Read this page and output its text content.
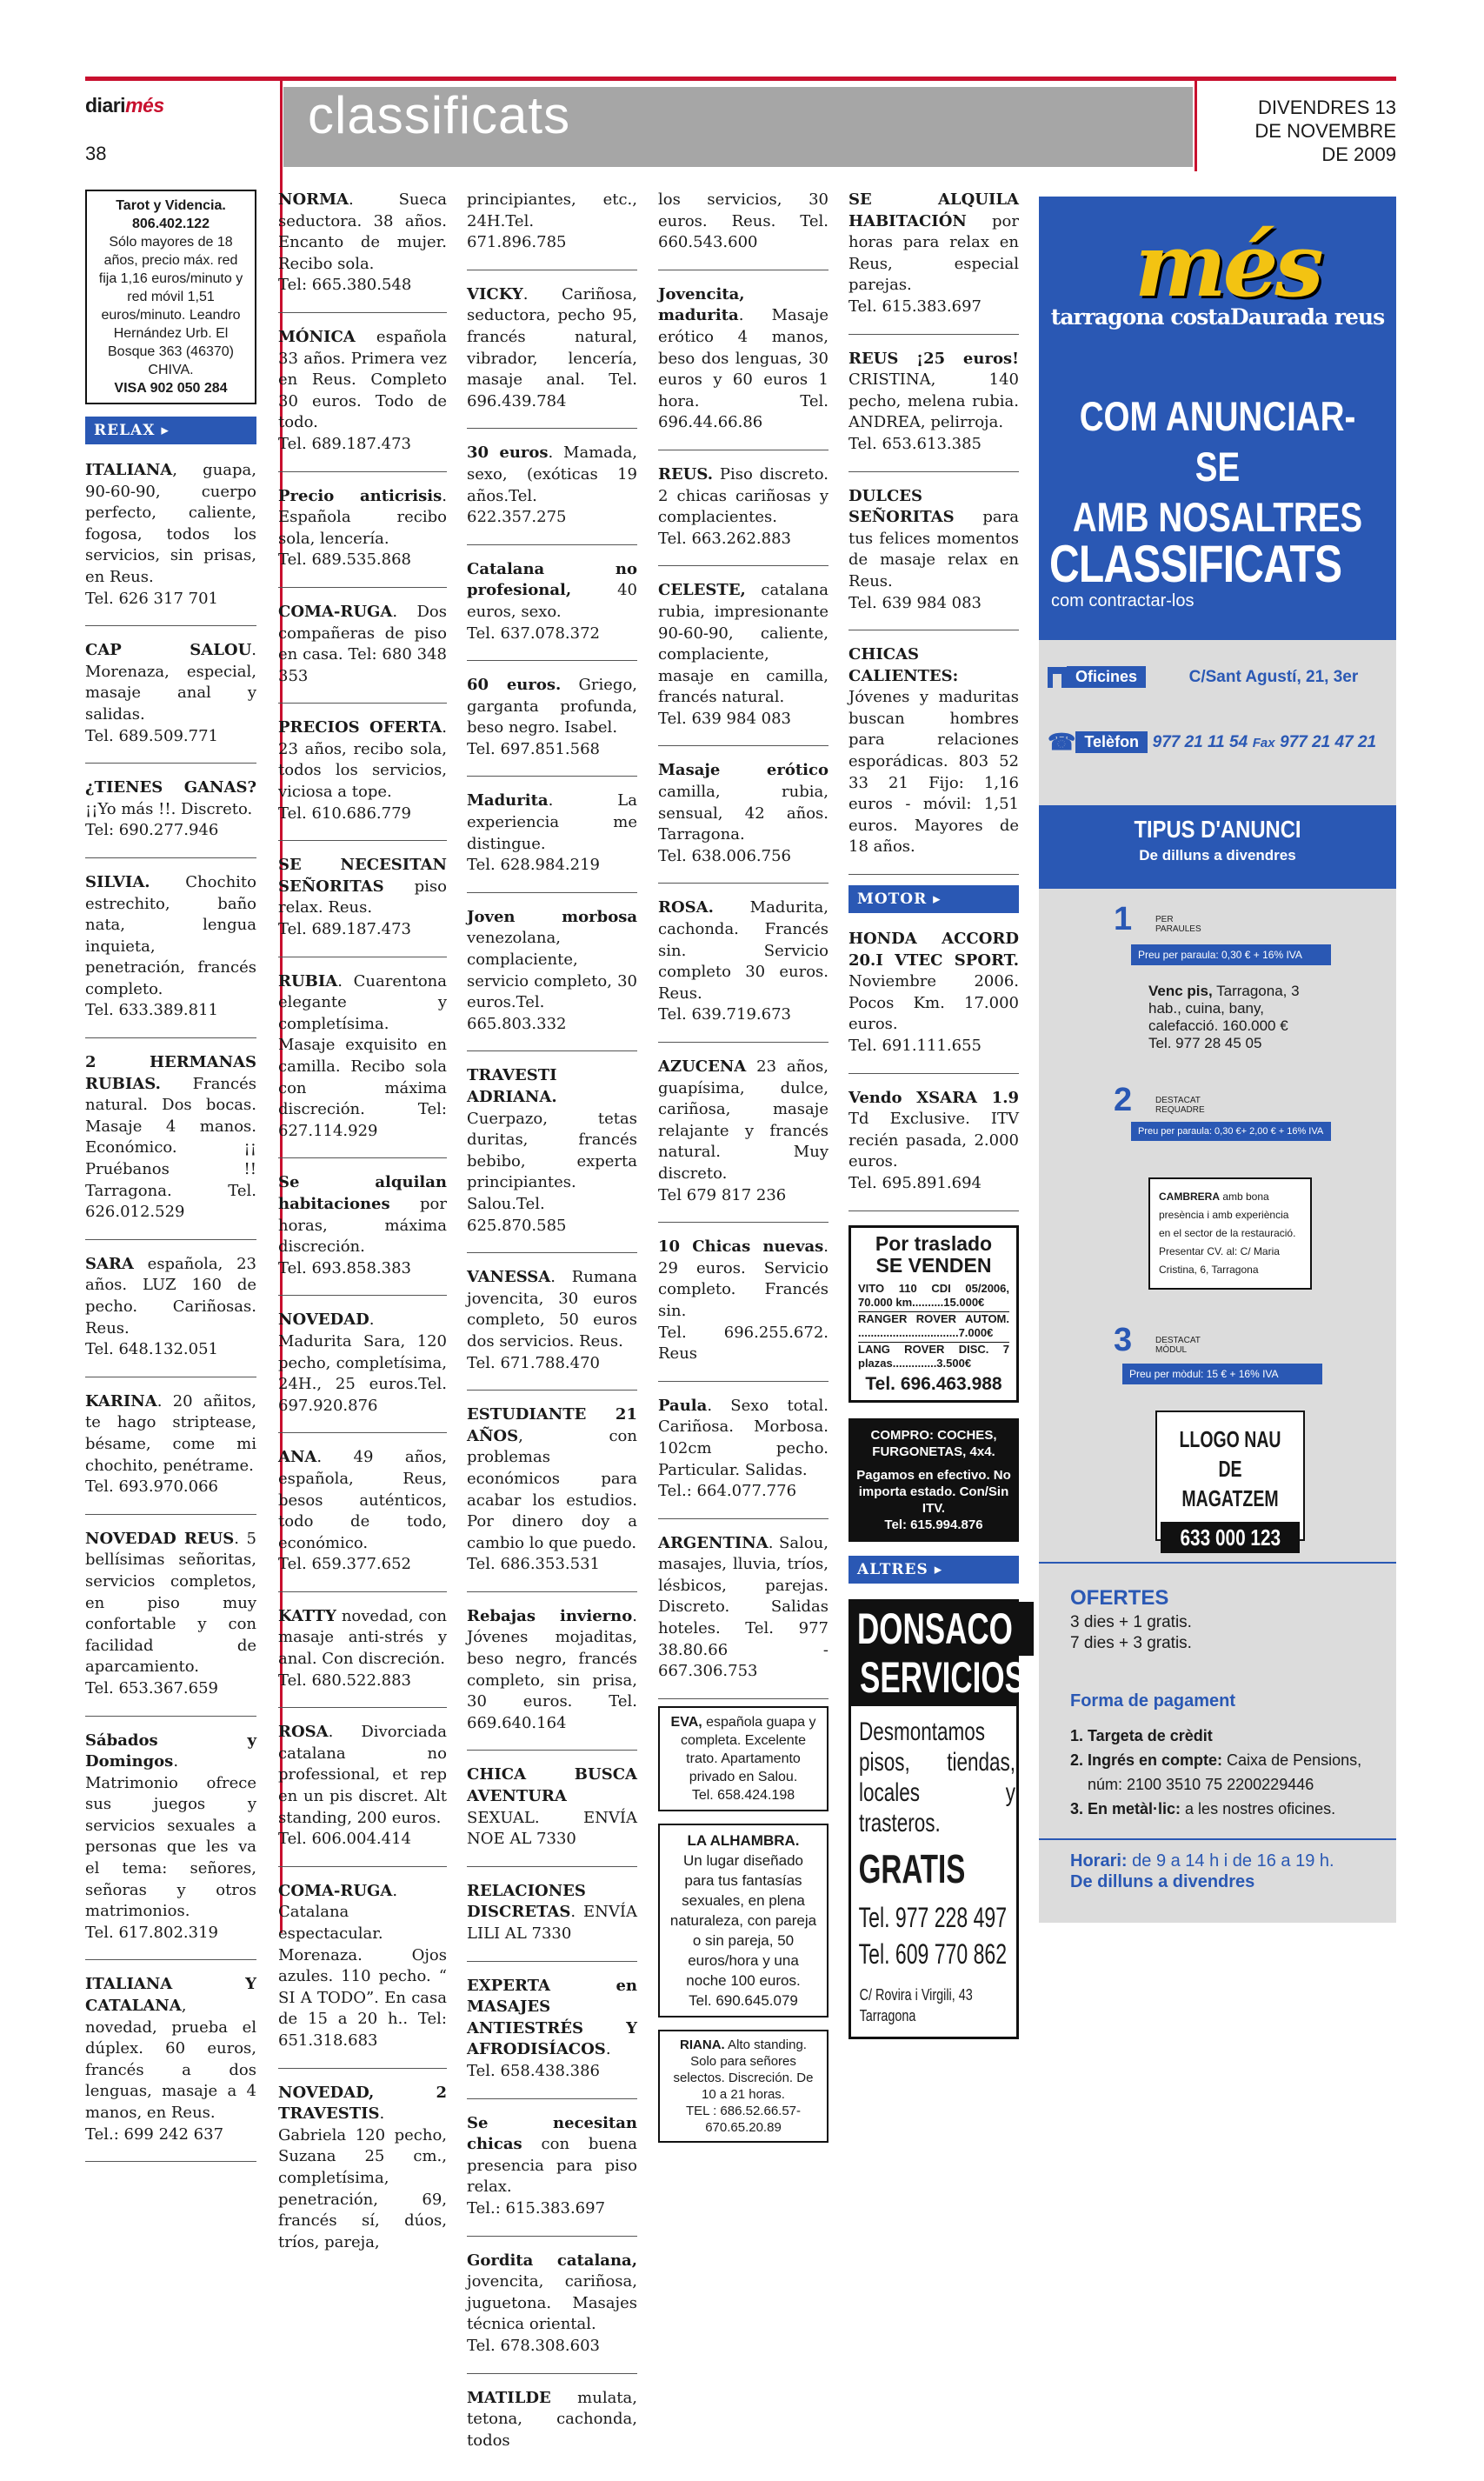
diarimés
38
classificats	DIVENDRES 13
DE NOVEMBRE
DE 2009
Tarot y Videncia.
806.402.122
Sólo mayores de 18 años, precio máx. red fija 1,16 euros/minuto y red móvil 1,51 euros/minuto. Leandro Hernández Urb. El Bosque 363 (46370) CHIVA.
VISA 902 050 284
RELAX ▸

ITALIANA, guapa, 90-60-90, cuerpo perfecto, caliente, fogosa, todos los servicios, sin prisas, en Reus.
Tel. 626 317 701

CAP SALOU. Morenaza, especial, masaje anal y salidas.
Tel. 689.509.771

¿TIENES GANAS? ¡¡Yo más !!. Discreto.
Tel: 690.277.946

SILVIA. Chochito estrechito, baño nata, lengua inquieta, penetración, francés completo.
Tel. 633.389.811

2 HERMANAS RUBIAS. Francés natural. Dos bocas. Masaje 4 manos. Económico. ¡¡ Pruébanos !! Tarragona. Tel. 626.012.529

SARA española, 23 años. LUZ 160 de pecho. Cariñosas. Reus.
Tel. 648.132.051

KARINA. 20 añitos, te hago striptease, bésame, come mi chochito, penétrame.
Tel. 693.970.066

NOVEDAD REUS. 5 bellísimas señoritas, servicios completos, en piso muy confortable y con facilidad de aparcamiento.
Tel. 653.367.659

Sábados y Domingos. Matrimonio ofrece sus juegos y servicios sexuales a personas que les va el tema: señores, señoras y otros matrimonios.
Tel. 617.802.319

ITALIANA Y CATALANA, novedad, prueba el dúplex. 60 euros, francés a dos lenguas, masaje a 4 manos, en Reus.
Tel.: 699 242 637

NORMA. Sueca seductora. 38 años. Encanto de mujer. Recibo sola.
Tel: 665.380.548

MÓNICA española 33 años. Primera vez en Reus. Completo 30 euros. Todo de todo.
Tel. 689.187.473

Precio anticrisis. Española recibo sola, lencería.
Tel. 689.535.868

COMA-RUGA. Dos compañeras de piso en casa. Tel: 680 348 353

PRECIOS OFERTA. 23 años, recibo sola, todos los servicios, viciosa a tope.
Tel. 610.686.779

SE NECESITAN SEÑORITAS piso relax. Reus.
Tel. 689.187.473

RUBIA. Cuarentona elegante y completísima. Masaje exquisito en camilla. Recibo sola con máxima discreción. Tel: 627.114.929

Se alquilan habitaciones por horas, máxima discreción.
Tel. 693.858.383

NOVEDAD. Madurita Sara, 120 pecho, completísima, 24H., 25 euros.Tel. 697.920.876

ANA. 49 años, española, Reus, besos auténticos, todo de todo, económico.
Tel. 659.377.652

KATTY novedad, con masaje anti-strés y anal. Con discreción.
Tel. 680.522.883

ROSA. Divorciada catalana no professional, et rep en un pis discret. Alt standing, 200 euros.
Tel. 606.004.414

COMA-RUGA. Catalana espectacular. Morenaza. Ojos azules. 110 pecho. “ SI A TODO”. En casa de 15 a 20 h.. Tel: 651.318.683

NOVEDAD, 2 TRAVESTIS. Gabriela 120 pecho, Suzana 25 cm., completísima, penetración, 69, francés sí, dúos, tríos, pareja,

principiantes, etc., 24H.Tel. 671.896.785

VICKY. Cariñosa, seductora, pecho 95, francés natural, vibrador, lencería, masaje anal. Tel. 696.439.784

30 euros. Mamada, sexo, (exóticas 19 años.Tel. 622.357.275

Catalana no profesional, 40 euros, sexo.
Tel. 637.078.372

60 euros. Griego, garganta profunda, beso negro. Isabel.
Tel. 697.851.568

Madurita. La experiencia me distingue.
Tel. 628.984.219

Joven morbosa venezolana, complaciente, servicio completo, 30 euros.Tel. 665.803.332

TRAVESTI ADRIANA. Cuerpazo, tetas duritas, francés bebibo, experta principiantes. Salou.Tel. 625.870.585

VANESSA. Rumana jovencita, 30 euros completo, 50 euros dos servicios. Reus.
Tel. 671.788.470

ESTUDIANTE 21 AÑOS, con problemas económicos para acabar los estudios. Por dinero doy a cambio lo que puedo.
Tel. 686.353.531

Rebajas invierno. Jóvenes mojaditas, beso negro, francés completo, sin prisa, 30 euros. Tel. 669.640.164

CHICA BUSCA AVENTURA SEXUAL. ENVÍA NOE AL 7330

RELACIONES DISCRETAS. ENVÍA LILI AL 7330

EXPERTA en MASAJES ANTIESTRÉS Y AFRODISÍACOS.
Tel. 658.438.386

Se necesitan chicas con buena presencia para piso relax.
Tel.: 615.383.697

Gordita catalana, jovencita, cariñosa, juguetona. Masajes técnica oriental.
Tel. 678.308.603

MATILDE mulata, tetona, cachonda, todos

los servicios, 30 euros. Reus. Tel. 660.543.600

Jovencita, madurita. Masaje erótico 4 manos, beso dos lenguas, 30 euros y 60 euros 1 hora. Tel. 696.44.66.86

REUS. Piso discreto. 2 chicas cariñosas y complacientes.
Tel. 663.262.883

CELESTE, catalana rubia, impresionante 90-60-90, caliente, complaciente, masaje en camilla, francés natural.
Tel. 639 984 083

Masaje erótico camilla, rubia, sensual, 42 años. Tarragona.
Tel. 638.006.756

ROSA. Madurita, cachonda. Francés sin. Servicio completo 30 euros. Reus.
Tel. 639.719.673

AZUCENA 23 años, guapísima, dulce, cariñosa, masaje relajante y francés natural. Muy discreto.
Tel 679 817 236

10 Chicas nuevas. 29 euros. Servicio completo. Francés sin.
Tel. 696.255.672. Reus

Paula. Sexo total. Cariñosa. Morbosa. 102cm pecho. Particular. Salidas.
Tel.: 664.077.776

ARGENTINA. Salou, masajes, lluvia, tríos, lésbicos, parejas. Discreto. Salidas hoteles. Tel. 977 38.80.66 - 667.306.753

EVA, española guapa y completa. Excelente trato. Apartamento privado en Salou.
Tel. 658.424.198
LA ALHAMBRA.
Un lugar diseñado para tus fantasías sexuales, en plena naturaleza, con pareja o sin pareja, 50 euros/hora y una noche 100 euros.
Tel. 690.645.079
RIANA. Alto standing. Solo para señores selectos. Discreción. De 10 a 21 horas.
TEL : 686.52.66.57- 670.65.20.89

SE ALQUILA HABITACIÓN por horas para relax en Reus, especial parejas.
Tel. 615.383.697

REUS ¡25 euros! CRISTINA, 140 pecho, melena rubia. ANDREA, pelirroja.
Tel. 653.613.385

DULCES SEÑORITAS para tus felices momentos de masaje relax en Reus.
Tel. 639 984 083

CHICAS CALIENTES: Jóvenes y maduritas buscan hombres para relaciones esporádicas. 803 52 33 21 Fijo: 1,16 euros - móvil: 1,51 euros. Mayores de 18 años.

MOTOR ▸

HONDA ACCORD 20.I VTEC SPORT. Noviembre 2006. Pocos Km. 17.000 euros.
Tel. 691.111.655

Vendo XSARA 1.9 Td Exclusive. ITV recién pasada, 2.000 euros.
Tel. 695.891.694

Por traslado
SE VENDEN
VITO 110 CDI 05/2006, 70.000 km..........15.000€
RANGER ROVER AUTOM. ................................7.000€
LANG ROVER DISC. 7 plazas..............3.500€
Tel. 696.463.988
COMPRO: COCHES, FURGONETAS, 4x4.
Pagamos en efectivo. No importa estado. Con/Sin ITV.
Tel: 615.994.876
ALTRES ▸
DONSACO
SERVICIOS
Desmontamos pisos, tiendas, locales y trasteros.
GRATIS
Tel. 977 228 497
Tel. 609 770 862
C/ Rovira i Virgili, 43
Tarragona
més
tarragona costaDaurada reus
COM ANUNCIAR-SE
AMB NOSALTRES
CLASSIFICATS
com contractar-los
Oficines	C/Sant Agustí, 21, 3er
☎ Telèfon 977 21 11 54 Fax 977 21 47 21
TIPUS D'ANUNCI
De dilluns a divendres
1	PER PARAULES
Preu per paraula: 0,30 € + 16% IVA
Venc pis, Tarragona, 3 hab., cuina, bany, calefacció. 160.000 € Tel. 977 28 45 05
2	DESTACAT REQUADRE
Preu per paraula: 0,30 €+ 2,00 € + 16% IVA
CAMBRERA amb bona presència i amb experiència en el sector de la restauració. Presentar CV. al: C/ Maria Cristina, 6, Tarragona
3	DESTACAT MÒDUL
Preu per mòdul: 15 € + 16% IVA
LLOGO NAU
DE MAGATZEM
633 000 123
OFERTES
3 dies + 1 gratis.
7 dies + 3 gratis.
Forma de pagament
1. Targeta de crèdit
2. Ingrés en compte: Caixa de Pensions,
núm: 2100 3510 75 2200229446
3. En metàl·lic: a les nostres oficines.
Horari: de 9 a 14 h i de 16 a 19 h.
De dilluns a divendres
